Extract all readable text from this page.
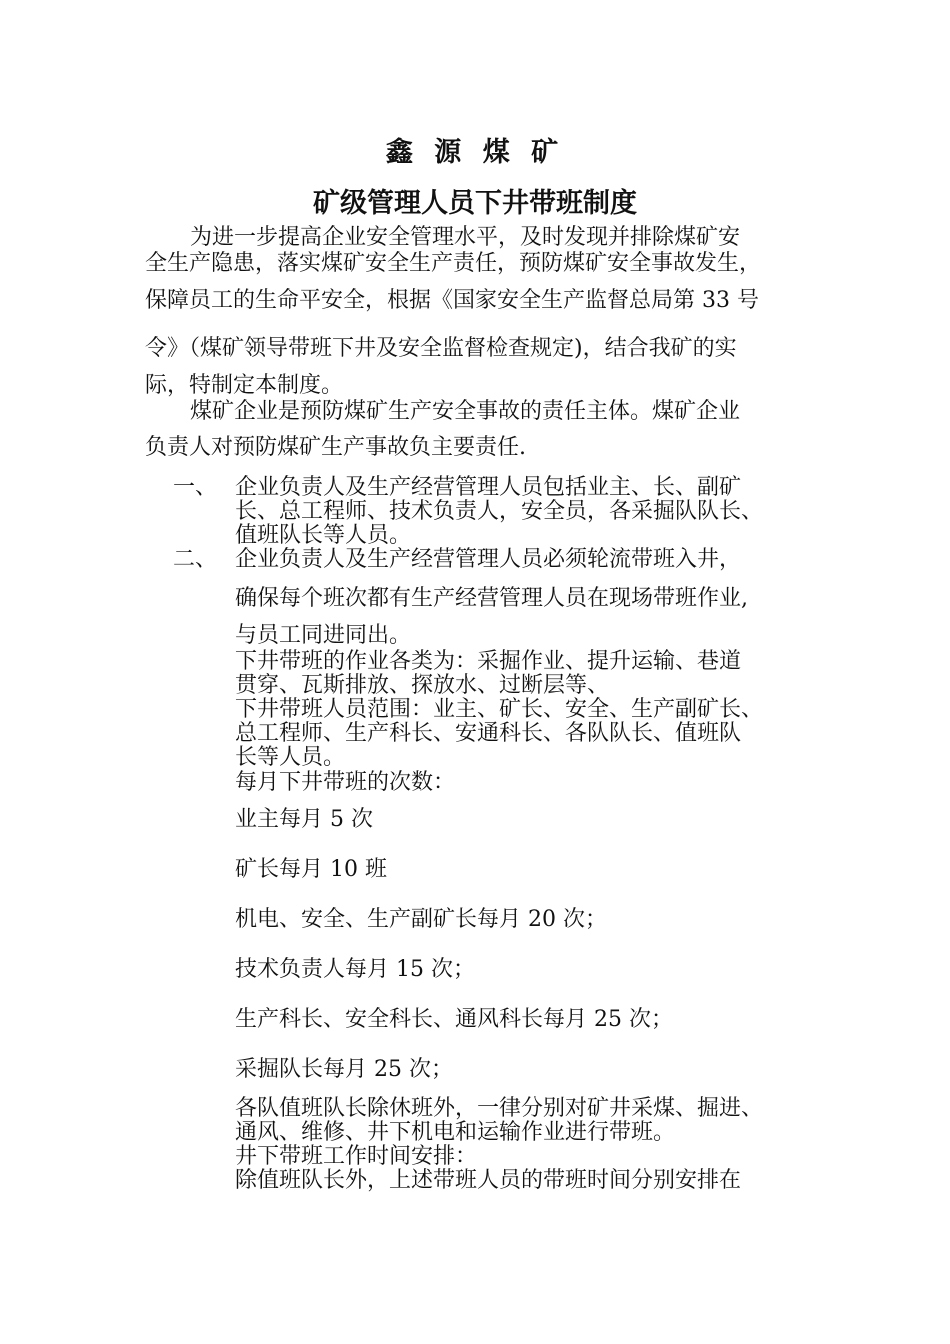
鑫 源 煤 矿
矿级管理人员下井带班制度
为进一步提高企业安全管理水平，及时发现并排除煤矿安
全生产隐患，落实煤矿安全生产责任，预防煤矿安全事故发生，
保障员工的生命平安全，根据《国家安全生产监督总局第 33 号
令》（煤矿领导带班下井及安全监督检查规定)，结合我矿的实
际，特制定本制度。
煤矿企业是预防煤矿生产安全事故的责任主体。煤矿企业
负责人对预防煤矿生产事故负主要责任.
一、 企业负责人及生产经营管理人员包括业主、长、副矿
长、总工程师、技术负责人，安全员，各采掘队队长、
值班队长等人员。
二、 企业负责人及生产经营管理人员必须轮流带班入井，
确保每个班次都有生产经营管理人员在现场带班作业,
与员工同进同出。
下井带班的作业各类为：采掘作业、提升运输、巷道
贯穿、瓦斯排放、探放水、过断层等、
下井带班人员范围：业主、矿长、安全、生产副矿长、
总工程师、生产科长、安通科长、各队队长、值班队
长等人员。
每月下井带班的次数：
业主每月 5 次
矿长每月 10 班
机电、安全、生产副矿长每月 20 次；
技术负责人每月 15 次；
生产科长、安全科长、通风科长每月 25 次；
采掘队长每月 25 次；
各队值班队长除休班外，一律分别对矿井采煤、掘进、
通风、维修、井下机电和运输作业进行带班。
井下带班工作时间安排：
除值班队长外，上述带班人员的带班时间分别安排在
